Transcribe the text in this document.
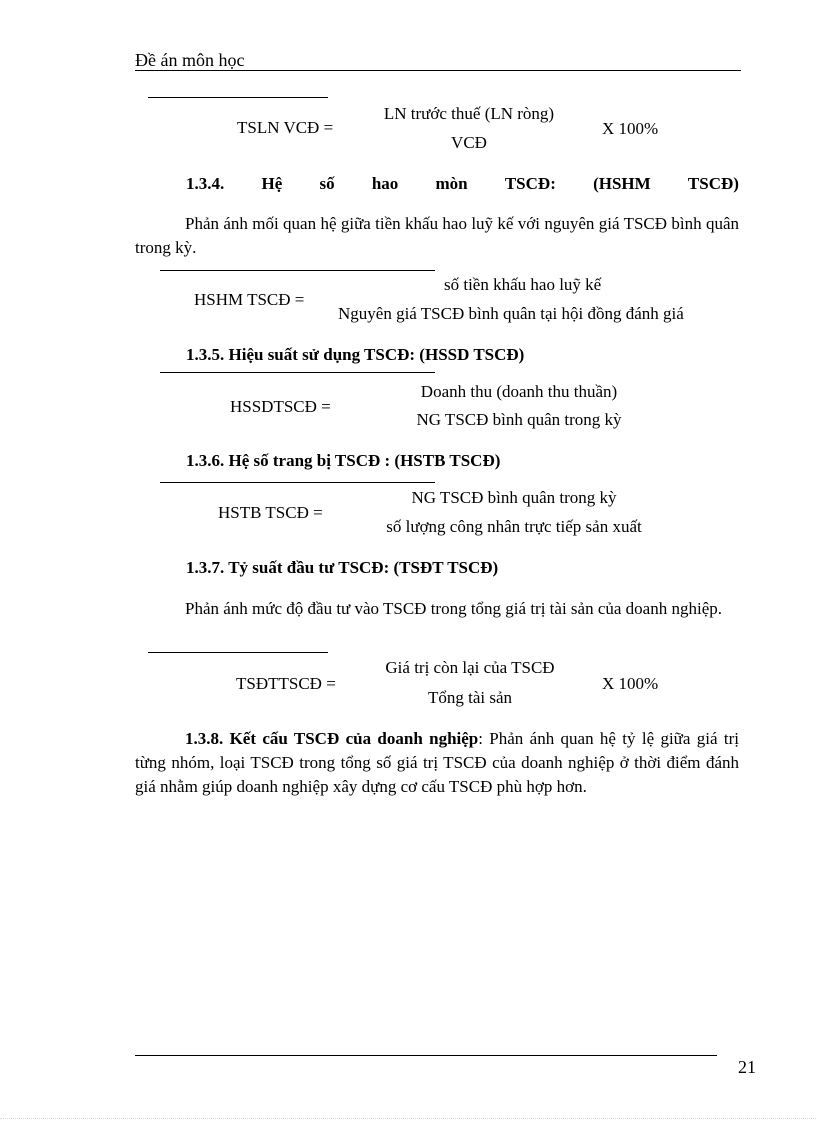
Đề án môn học
TSLN VCĐ =
LN trước thuế (LN ròng)
VCĐ
X 100%
1.3.4. Hệ số hao mòn TSCĐ: (HSHM TSCĐ)
Phản ánh mối quan hệ giữa tiền khấu hao luỹ kế với nguyên giá TSCĐ bình quân trong kỳ.
HSHM TSCĐ =
số tiền khấu hao luỹ kế
Nguyên giá TSCĐ bình quân tại hội đồng đánh giá
1.3.5. Hiệu suất sử dụng TSCĐ: (HSSD TSCĐ)
HSSDTSCĐ =
Doanh thu (doanh thu thuần)
NG TSCĐ bình quân trong kỳ
1.3.6. Hệ số trang bị TSCĐ : (HSTB TSCĐ)
HSTB TSCĐ =
NG TSCĐ bình quân trong kỳ
số lượng công nhân trực tiếp sản xuất
1.3.7. Tỷ suất đầu tư TSCĐ: (TSĐT TSCĐ)
Phản ánh mức độ đầu tư vào TSCĐ trong tổng giá trị tài sản của doanh nghiệp.
TSĐTTSCĐ =
Giá trị còn lại của TSCĐ
Tổng tài sản
X 100%
1.3.8. Kết cấu TSCĐ của doanh nghiệp: Phản ánh quan hệ tỷ lệ giữa giá trị từng nhóm, loại TSCĐ trong tổng số giá trị TSCĐ của doanh nghiệp ở thời điểm đánh giá nhằm giúp doanh nghiệp xây dựng cơ cấu TSCĐ phù hợp hơn.
21
